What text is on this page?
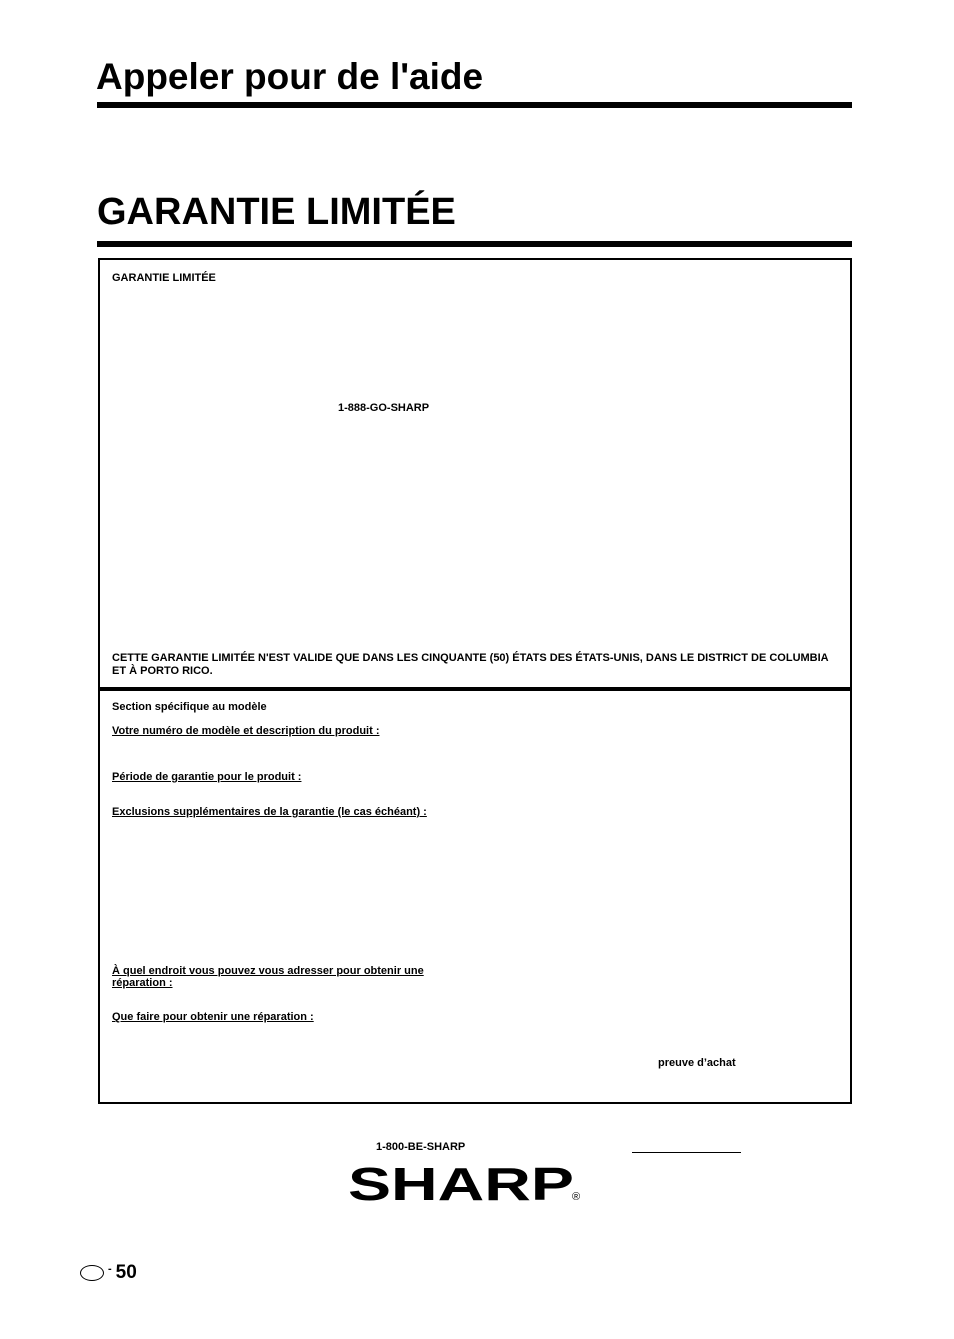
Appeler pour de l'aide
GARANTIE LIMITÉE
GARANTIE LIMITÉE
1-888-GO-SHARP
CETTE GARANTIE LIMITÉE N'EST VALIDE QUE DANS LES CINQUANTE (50) ÉTATS DES ÉTATS-UNIS, DANS LE DISTRICT DE COLUMBIA
ET À PORTO RICO.
Section spécifique au modèle
Votre numéro de modèle et description du produit :
Période de garantie pour le produit :
Exclusions supplémentaires de la garantie (le cas échéant) :
À quel endroit vous pouvez vous adresser pour obtenir une
réparation :
Que faire pour obtenir une réparation :
preuve d’achat
1-800-BE-SHARP
SHARP
®
- 50
